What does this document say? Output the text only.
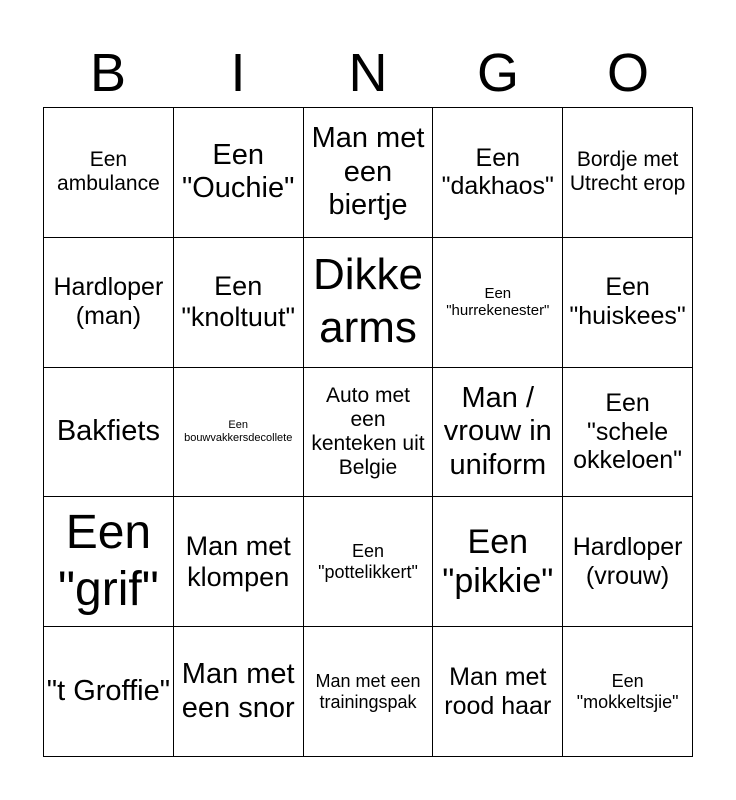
B	I	N	G	O
Een ambulance
Een "Ouchie"
Man met een biertje
Een "dakhaos"
Bordje met Utrecht erop
Hardloper (man)
Een "knoltuut"
Dikke arms
Een "hurrekenester"
Een "huiskees"
Bakfiets	Een bouwvakkersdecollete
Auto met een kenteken uit Belgie
Man / vrouw in uniform
Een "schele okkeloen"
Een "grif"
Man met klompen
Een "pottelikkert"
Een "pikkie"
Hardloper (vrouw)
"t Groffie"
Man met een snor
Man met een trainingspak
Man met rood haar
Een "mokkeltsjie"
